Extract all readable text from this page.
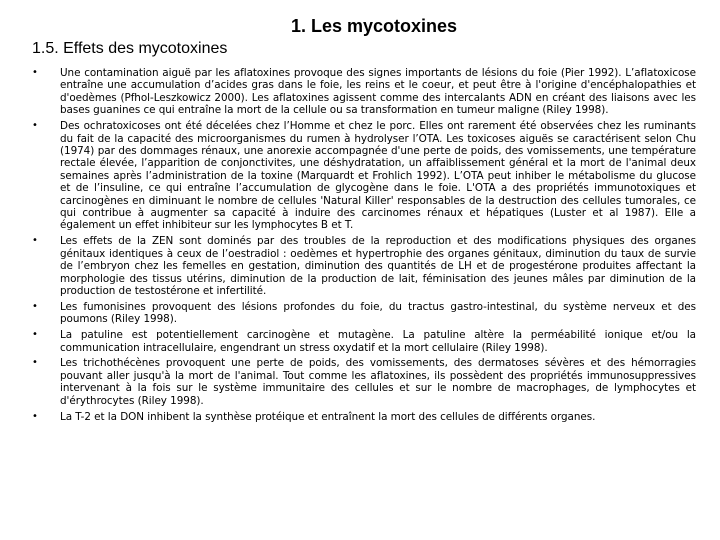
1. Les mycotoxines
1.5. Effets des mycotoxines
• Une contamination aiguë par les aflatoxines provoque des signes importants de lésions du foie (Pier 1992). L’aflatoxicose entraîne une accumulation d’acides gras dans le foie, les reins et le coeur, et peut être à l'origine d'encéphalopathies et d'oedèmes (Pfhol-Leszkowicz 2000). Les aflatoxines agissent comme des intercalants ADN en créant des liaisons avec les bases guanines ce qui entraîne la mort de la cellule ou sa transformation en tumeur maligne (Riley 1998).
• Des ochratoxicoses ont été décelées chez l’Homme et chez le porc. Elles ont rarement été observées chez les ruminants du fait de la capacité des microorganismes du rumen à hydrolyser l’OTA. Les toxicoses aiguës se caractérisent selon Chu (1974) par des dommages rénaux, une anorexie accompagnée d'une perte de poids, des vomissements, une température rectale élevée, l’apparition de conjonctivites, une déshydratation, un affaiblissement général et la mort de l'animal deux semaines après l’administration de la toxine (Marquardt et Frohlich 1992). L’OTA peut inhiber le métabolisme du glucose et de l’insuline, ce qui entraîne l’accumulation de glycogène dans le foie. L'OTA a des propriétés immunotoxiques et carcinogènes en diminuant le nombre de cellules 'Natural Killer' responsables de la destruction des cellules tumorales, ce qui contribue à augmenter sa capacité à induire des carcinomes rénaux et hépatiques (Luster et al 1987). Elle a également un effet inhibiteur sur les lymphocytes B et T.
• Les effets de la ZEN sont dominés par des troubles de la reproduction et des modifications physiques des organes génitaux identiques à ceux de l’oestradiol : oedèmes et hypertrophie des organes génitaux, diminution du taux de survie de l’embryon chez les femelles en gestation, diminution des quantités de LH et de progestérone produites affectant la morphologie des tissus utérins, diminution de la production de lait, féminisation des jeunes mâles par diminution de la production de testostérone et infertilité.
• Les fumonisines provoquent des lésions profondes du foie, du tractus gastro-intestinal, du système nerveux et des poumons (Riley 1998).
• La patuline est potentiellement carcinogène et mutagène. La patuline altère la perméabilité ionique et/ou la communication intracellulaire, engendrant un stress oxydatif et la mort cellulaire (Riley 1998).
• Les trichothécènes provoquent une perte de poids, des vomissements, des dermatoses sévères et des hémorragies pouvant aller jusqu'à la mort de l'animal. Tout comme les aflatoxines, ils possèdent des propriétés immunosuppressives intervenant à la fois sur le système immunitaire des cellules et sur le nombre de macrophages, de lymphocytes et d'érythrocytes (Riley 1998).
• La T-2 et la DON inhibent la synthèse protéique et entraînent la mort des cellules de différents organes.
